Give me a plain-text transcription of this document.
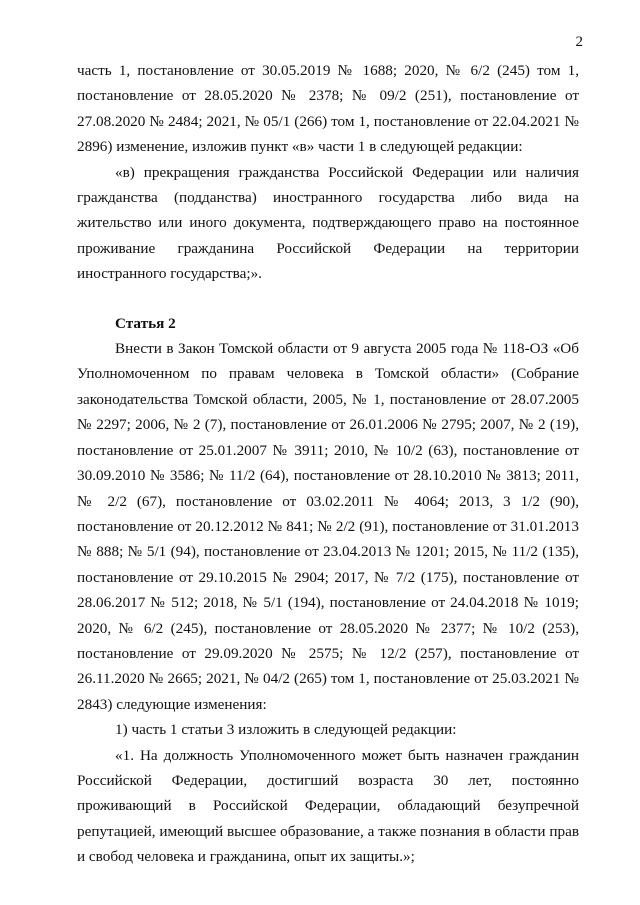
2

часть 1, постановление от 30.05.2019 № 1688; 2020, № 6/2 (245) том 1, постановление от 28.05.2020 № 2378; № 09/2 (251), постановление от 27.08.2020 № 2484; 2021, № 05/1 (266) том 1, постановление от 22.04.2021 № 2896) изменение, изложив пункт «в» части 1 в следующей редакции:

«в) прекращения гражданства Российской Федерации или наличия гражданства (подданства) иностранного государства либо вида на жительство или иного документа, подтверждающего право на постоянное проживание гражданина Российской Федерации на территории иностранного государства;».

Статья 2

Внести в Закон Томской области от 9 августа 2005 года № 118-ОЗ «Об Уполномоченном по правам человека в Томской области» (Собрание законодательства Томской области, 2005, № 1, постановление от 28.07.2005 № 2297; 2006, № 2 (7), постановление от 26.01.2006 № 2795; 2007, № 2 (19), постановление от 25.01.2007 № 3911; 2010, № 10/2 (63), постановление от 30.09.2010 № 3586; № 11/2 (64), постановление от 28.10.2010 № 3813; 2011, № 2/2 (67), постановление от 03.02.2011 № 4064; 2013, 3 1/2 (90), постановление от 20.12.2012 № 841; № 2/2 (91), постановление от 31.01.2013 № 888; № 5/1 (94), постановление от 23.04.2013 № 1201; 2015, № 11/2 (135), постановление от 29.10.2015 № 2904; 2017, № 7/2 (175), постановление от 28.06.2017 № 512; 2018, № 5/1 (194), постановление от 24.04.2018 № 1019; 2020, № 6/2 (245), постановление от 28.05.2020 № 2377; № 10/2 (253), постановление от 29.09.2020 № 2575; № 12/2 (257), постановление от 26.11.2020 № 2665; 2021, № 04/2 (265) том 1, постановление от 25.03.2021 № 2843) следующие изменения:

1) часть 1 статьи 3 изложить в следующей редакции:

«1. На должность Уполномоченного может быть назначен гражданин Российской Федерации, достигший возраста 30 лет, постоянно проживающий в Российской Федерации, обладающий безупречной репутацией, имеющий высшее образование, а также познания в области прав и свобод человека и гражданина, опыт их защиты.»;
